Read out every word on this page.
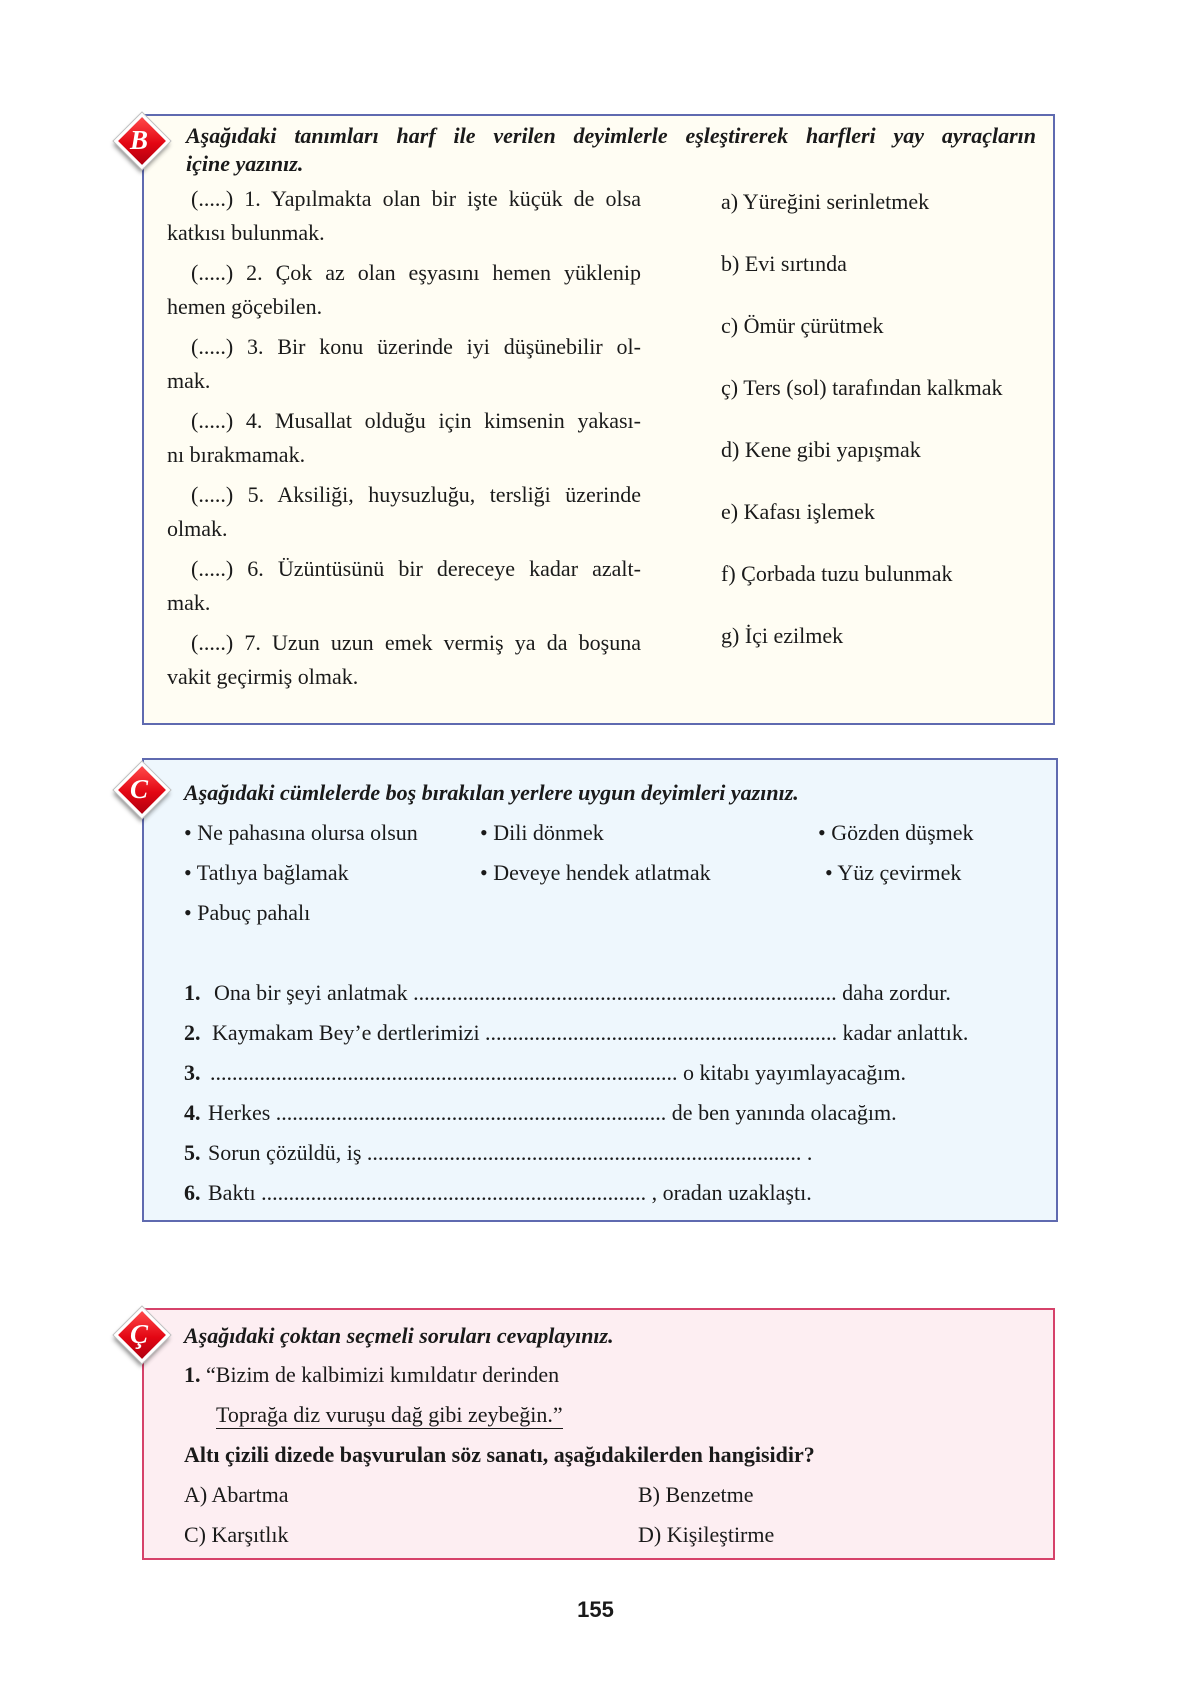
B	Aşağıdaki tanımları harf ile verilen deyimlerle eşleştirerek harfleri yay ayraçların
içine yazınız.
(.....) 1. Yapılmakta olan bir işte küçük de olsa
katkısı bulunmak.
(.....) 2. Çok az olan eşyasını hemen yüklenip
hemen göçebilen.
(.....) 3. Bir konu üzerinde iyi düşünebilir ol-
mak.
(.....) 4. Musallat olduğu için kimsenin yakası-
nı bırakmamak.
(.....) 5. Aksiliği, huysuzluğu, tersliği üzerinde
olmak.
(.....) 6. Üzüntüsünü bir dereceye kadar azalt-
mak.
(.....) 7. Uzun uzun emek vermiş ya da boşuna
vakit geçirmiş olmak.
a) Yüreğini serinletmek
b) Evi sırtında
c) Ömür çürütmek
ç) Ters (sol) tarafından kalkmak
d) Kene gibi yapışmak
e) Kafası işlemek
f) Çorbada tuzu bulunmak
g) İçi ezilmek
C	Aşağıdaki cümlelerde boş bırakılan yerlere uygun deyimleri yazınız.
• Ne pahasına olursa olsun	• Dili dönmek	• Gözden düşmek
• Tatlıya bağlamak	• Deveye hendek atlatmak	• Yüz çevirmek
• Pabuç pahalı
1. Ona bir şeyi anlatmak ............................................................................. daha zordur.
2. Kaymakam Bey’e dertlerimizi ................................................................ kadar anlattık.
3. ..................................................................................... o kitabı yayımlayacağım.
4. Herkes ....................................................................... de ben yanında olacağım.
5. Sorun çözüldü, iş ............................................................................... .
6. Baktı ...................................................................... , oradan uzaklaştı.
Ç	Aşağıdaki çoktan seçmeli soruları cevaplayınız.
1. “Bizim de kalbimizi kımıldatır derinden
Toprağa diz vuruşu dağ gibi zeybeğin.”
Altı çizili dizede başvurulan söz sanatı, aşağıdakilerden hangisidir?
A) Abartma	B) Benzetme
C) Karşıtlık	D) Kişileştirme
155
